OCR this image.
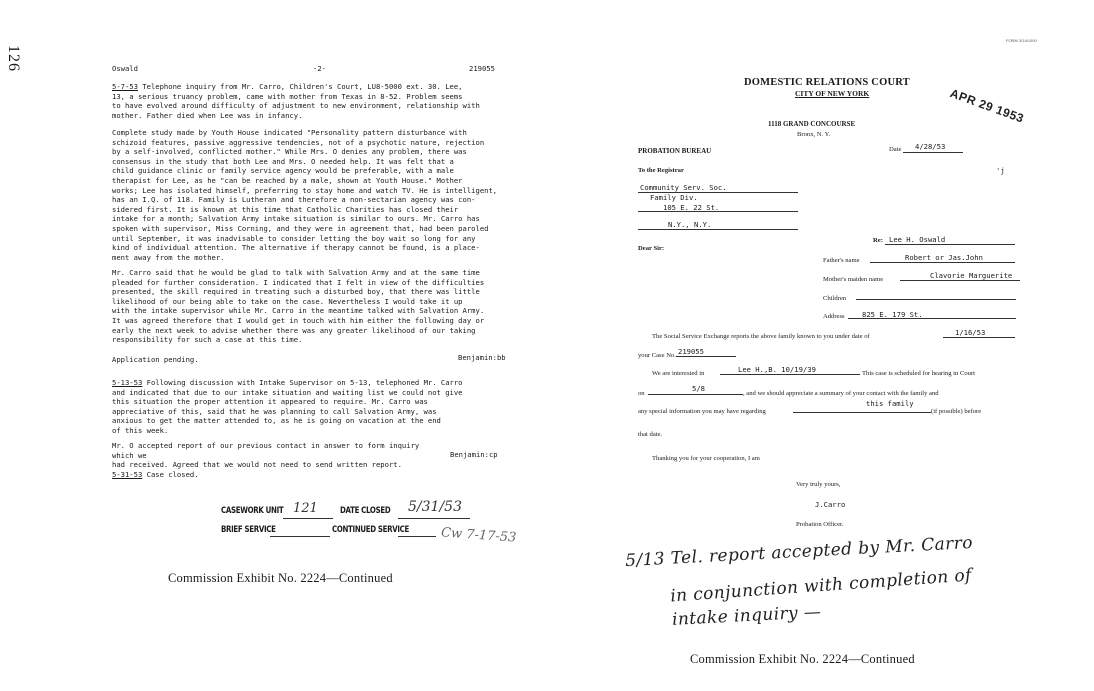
126	Oswald	-2-	219055

5-7-53 Telephone inquiry from Mr. Carro, Children's Court, LU8-5000 ext. 30. Lee,
13, a serious truancy problem, came with mother from Texas in 8-52. Problem seems
to have evolved around difficulty of adjustment to new environment, relationship with
mother. Father died when Lee was in infancy.

Complete study made by Youth House indicated "Personality pattern disturbance with
schizoid features, passive aggressive tendencies, not of a psychotic nature, rejection
by a self-involved, conflicted mother." While Mrs. O denies any problem, there was
consensus in the study that both Lee and Mrs. O needed help. It was felt that a
child guidance clinic or family service agency would be preferable, with a male
therapist for Lee, as he "can be reached by a male, shown at Youth House." Mother
works; Lee has isolated himself, preferring to stay home and watch TV. He is intelligent,
has an I.Q. of 118. Family is Lutheran and therefore a non-sectarian agency was con-
sidered first. It is known at this time that Catholic Charities has closed their
intake for a month; Salvation Army intake situation is similar to ours. Mr. Carro has
spoken with supervisor, Miss Corning, and they were in agreement that, had been paroled
until September, it was inadvisable to consider letting the boy wait so long for any
kind of individual attention. The alternative if therapy cannot be found, is a place-
ment away from the mother.

Mr. Carro said that he would be glad to talk with Salvation Army and at the same time
pleaded for further consideration. I indicated that I felt in view of the difficulties
presented, the skill required in treating such a disturbed boy, that there was little
likelihood of our being able to take on the case. Nevertheless I would take it up
with the intake supervisor while Mr. Carro in the meantime talked with Salvation Army.
It was agreed therefore that I would get in touch with him either the following day or
early the next week to advise whether there was any greater likelihood of our taking
responsibility for such a case at this time.

Application pending.	Benjamin:bb

5-13-53 Following discussion with Intake Supervisor on 5-13, telephoned Mr. Carro
and indicated that due to our intake situation and waiting list we could not give
this situation the proper attention it appeared to require. Mr. Carro was
appreciative of this, said that he was planning to call Salvation Army, was
anxious to get the matter attended to, as he is going on vacation at the end
of this week.

Mr. O accepted report of our previous contact in answer to form inquiry which we
had received. Agreed that we would not need to send written report.

Benjamin:cp

5-31-53 Case closed.

CASEWORK UNIT 121 DATE CLOSED 5/31/53
BRIEF SERVICE	CONTINUED SERVICE Cw 7-17-53
Commission Exhibit No. 2224—Continued
FORM 3/14/1000
DOMESTIC RELATIONS COURT
CITY OF NEW YORK	APR 29 1953
1118 GRAND CONCOURSE
Bronx, N. Y.
PROBATION BUREAU	Date 4/28/53
To the Registrar	'j
Community Serv. Soc.
Family Div.
105 E. 22 St.
N.Y., N.Y.
Dear Sir:
Re: Lee H. Oswald
Father's name	Robert or Jas.John
Mother's maiden name	Clavorie Marguerite
Children
Address 825 E. 179 St.
The Social Service Exchange reports the above family known to you under date of	1/16/53
your Case No. 219055
We are interested in	Lee H.,B. 10/19/39	This case is scheduled for hearing in Court
on
5/8
, and we should appreciate a summary of your contact with the family and
this family
any special information you may have regarding	(if possible) before
that date.
Thanking you for your cooperation, I am
Very truly yours,
J.Carro
Probation Officer.
5/13 Tel. report accepted by Mr. Carro
in conjunction with completion of
intake inquiry —
Commission Exhibit No. 2224—Continued
